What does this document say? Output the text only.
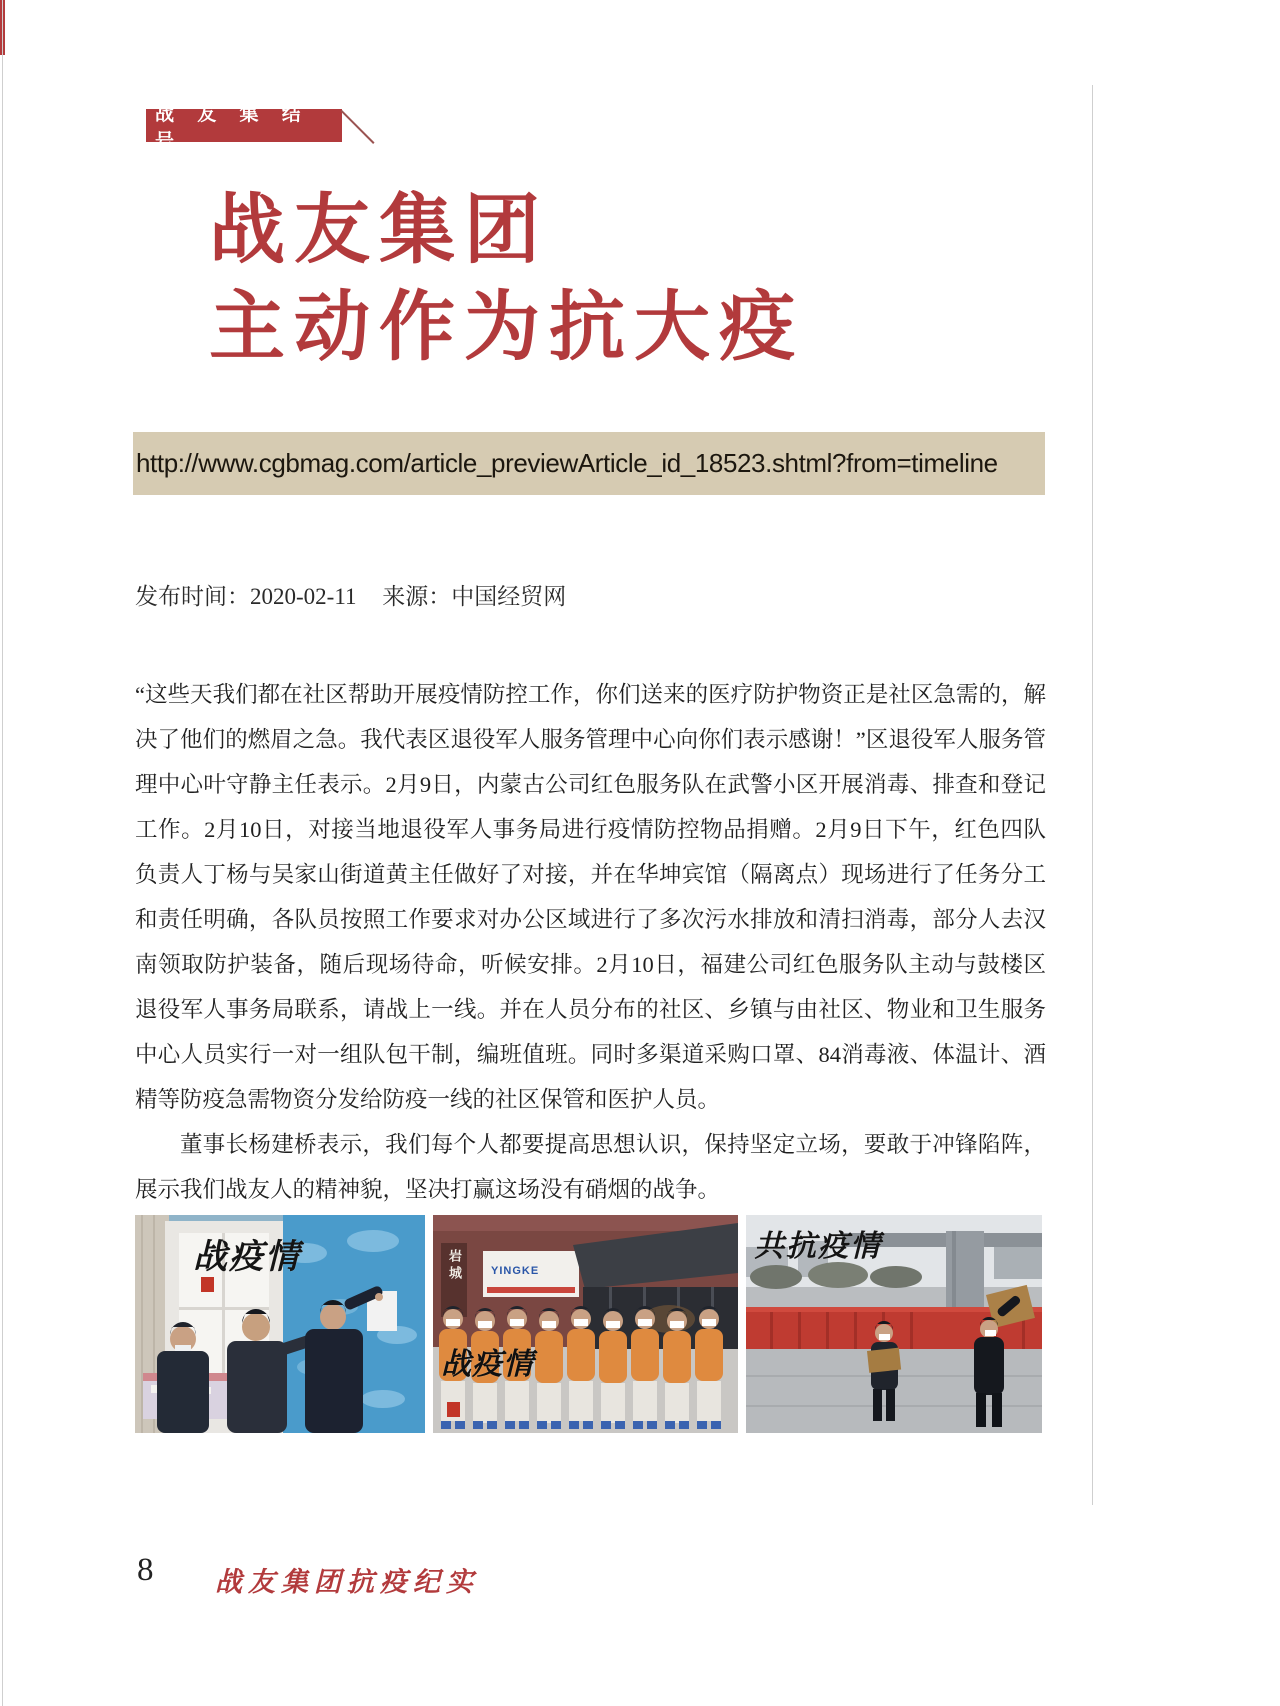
战 友 集 结 号
战友集团
主动作为抗大疫
http://www.cgbmag.com/article_previewArticle_id_18523.shtml?from=timeline
发布时间：2020-02-11 来源：中国经贸网

“这些天我们都在社区帮助开展疫情防控工作，你们送来的医疗防护物资正是社区急需的，解决了他们的燃眉之急。我代表区退役军人服务管理中心向你们表示感谢！”区退役军人服务管理中心叶守静主任表示。2月9日，内蒙古公司红色服务队在武警小区开展消毒、排查和登记工作。2月10日，对接当地退役军人事务局进行疫情防控物品捐赠。2月9日下午，红色四队负责人丁杨与吴家山街道黄主任做好了对接，并在华坤宾馆（隔离点）现场进行了任务分工和责任明确，各队员按照工作要求对办公区域进行了多次污水排放和清扫消毒，部分人去汉南领取防护装备，随后现场待命，听候安排。2月10日，福建公司红色服务队主动与鼓楼区退役军人事务局联系，请战上一线。并在人员分布的社区、乡镇与由社区、物业和卫生服务中心人员实行一对一组队包干制，编班值班。同时多渠道采购口罩、84消毒液、体温计、酒精等防疫急需物资分发给防疫一线的社区保管和医护人员。

董事长杨建桥表示，我们每个人都要提高思想认识，保持坚定立场，要敢于冲锋陷阵，展示我们战友人的精神貌，坚决打赢这场没有硝烟的战争。

战疫情	YINGKE
岩城
战疫情
共抗疫情
8 战友集团抗疫纪实
